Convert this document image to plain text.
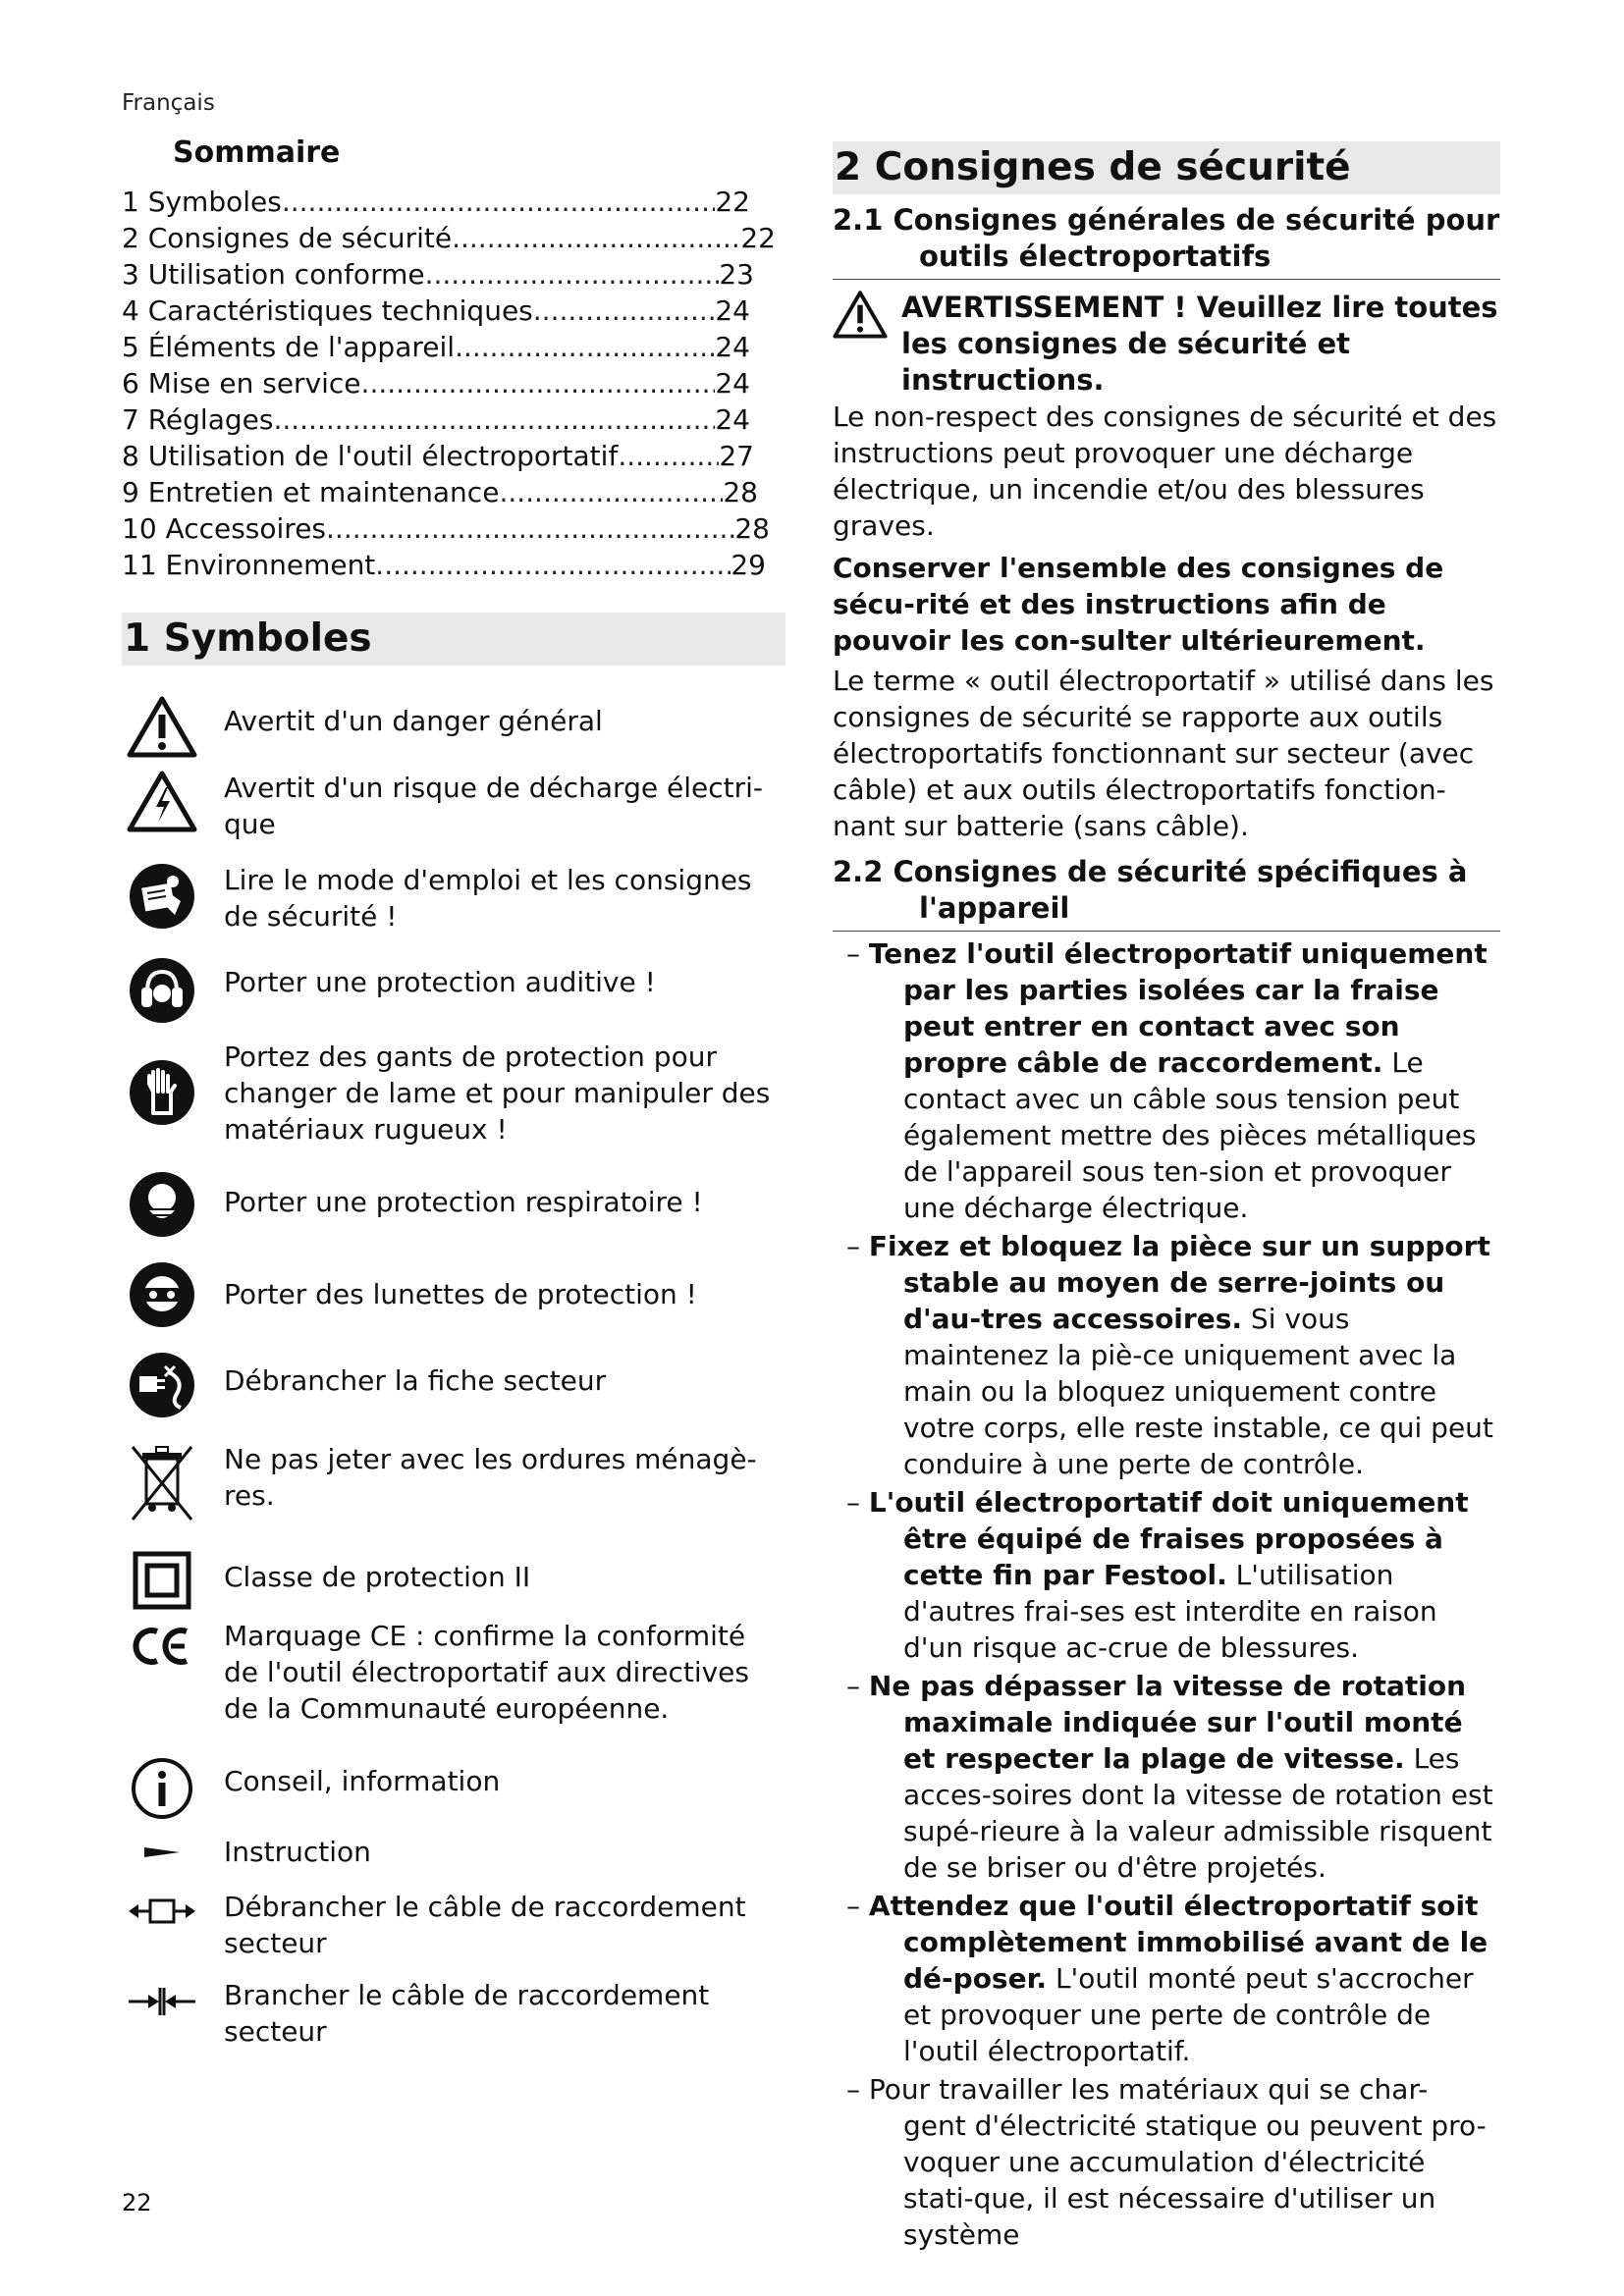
Français
Sommaire
1 Symboles .....	22
2 Consignes de sécurité .....	22
3 Utilisation conforme .....	23
4 Caractéristiques techniques .....	24
5 Éléments de l'appareil .....	24
6 Mise en service .....	24
7 Réglages .....	24
8 Utilisation de l'outil électroportatif .....	27
9 Entretien et maintenance .....	28
10 Accessoires .....	28
11 Environnement .....	29
1 Symboles
Avertit d'un danger général
Avertit d'un risque de décharge électri-que
Lire le mode d'emploi et les consignes de sécurité !
Porter une protection auditive !
Portez des gants de protection pour changer de lame et pour manipuler des matériaux rugueux !
Porter une protection respiratoire !
Porter des lunettes de protection !
Débrancher la fiche secteur
Ne pas jeter avec les ordures ménagè-res.
Classe de protection II
Marquage CE : confirme la conformité de l'outil électroportatif aux directives de la Communauté européenne.
Conseil, information
Instruction
Débrancher le câble de raccordement secteur
Brancher le câble de raccordement secteur
2 Consignes de sécurité
2.1 Consignes générales de sécurité pour
outils électroportatifs
AVERTISSEMENT ! Veuillez lire toutes
les consignes de sécurité et instructions.
Le non-respect des consignes de sécurité et des instructions peut provoquer une décharge électrique, un incendie et/ou des blessures graves.
Conserver l'ensemble des consignes de sécu-rité et des instructions afin de pouvoir les con-sulter ultérieurement.
Le terme « outil électroportatif » utilisé dans les consignes de sécurité se rapporte aux outils électroportatifs fonctionnant sur secteur (avec câble) et aux outils électroportatifs fonction-nant sur batterie (sans câble).
2.2 Consignes de sécurité spécifiques à
l'appareil
– Tenez l'outil électroportatif uniquement
par les parties isolées car la fraise peut entrer en contact avec son propre câble de raccordement. Le contact avec un câble sous tension peut également mettre des pièces métalliques de l'appareil sous ten-sion et provoquer une décharge électrique.
– Fixez et bloquez la pièce sur un support
stable au moyen de serre-joints ou d'au-tres accessoires. Si vous maintenez la piè-ce uniquement avec la main ou la bloquez uniquement contre votre corps, elle reste instable, ce qui peut conduire à une perte de contrôle.
– L'outil électroportatif doit uniquement
être équipé de fraises proposées à cette fin par Festool. L'utilisation d'autres frai-ses est interdite en raison d'un risque ac-crue de blessures.
– Ne pas dépasser la vitesse de rotation
maximale indiquée sur l'outil monté et respecter la plage de vitesse. Les acces-soires dont la vitesse de rotation est supé-rieure à la valeur admissible risquent de se briser ou d'être projetés.
– Attendez que l'outil électroportatif soit
complètement immobilisé avant de le dé-poser. L'outil monté peut s'accrocher et provoquer une perte de contrôle de l'outil électroportatif.
– Pour travailler les matériaux qui se char-
gent d'électricité statique ou peuvent pro-voquer une accumulation d'électricité stati-que, il est nécessaire d'utiliser un système
22
